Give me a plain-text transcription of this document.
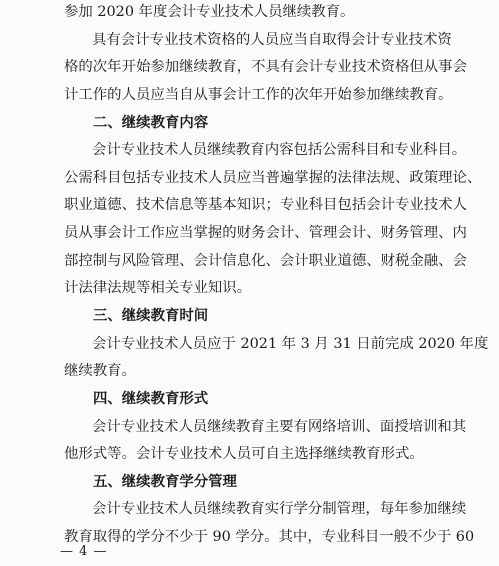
参加 2020 年度会计专业技术人员继续教育。
具有会计专业技术资格的人员应当自取得会计专业技术资
格的次年开始参加继续教育，不具有会计专业技术资格但从事会
计工作的人员应当自从事会计工作的次年开始参加继续教育。
二、继续教育内容
会计专业技术人员继续教育内容包括公需科目和专业科目。
公需科目包括专业技术人员应当普遍掌握的法律法规、政策理论、
职业道德、技术信息等基本知识；专业科目包括会计专业技术人
员从事会计工作应当掌握的财务会计、管理会计、财务管理、内
部控制与风险管理、会计信息化、会计职业道德、财税金融、会
计法律法规等相关专业知识。
三、继续教育时间
会计专业技术人员应于 2021 年 3 月 31 日前完成 2020 年度
继续教育。
四、继续教育形式
会计专业技术人员继续教育主要有网络培训、面授培训和其
他形式等。会计专业技术人员可自主选择继续教育形式。
五、继续教育学分管理
会计专业技术人员继续教育实行学分制管理，每年参加继续
教育取得的学分不少于 90 学分。其中，专业科目一般不少于 60
— 4 —
